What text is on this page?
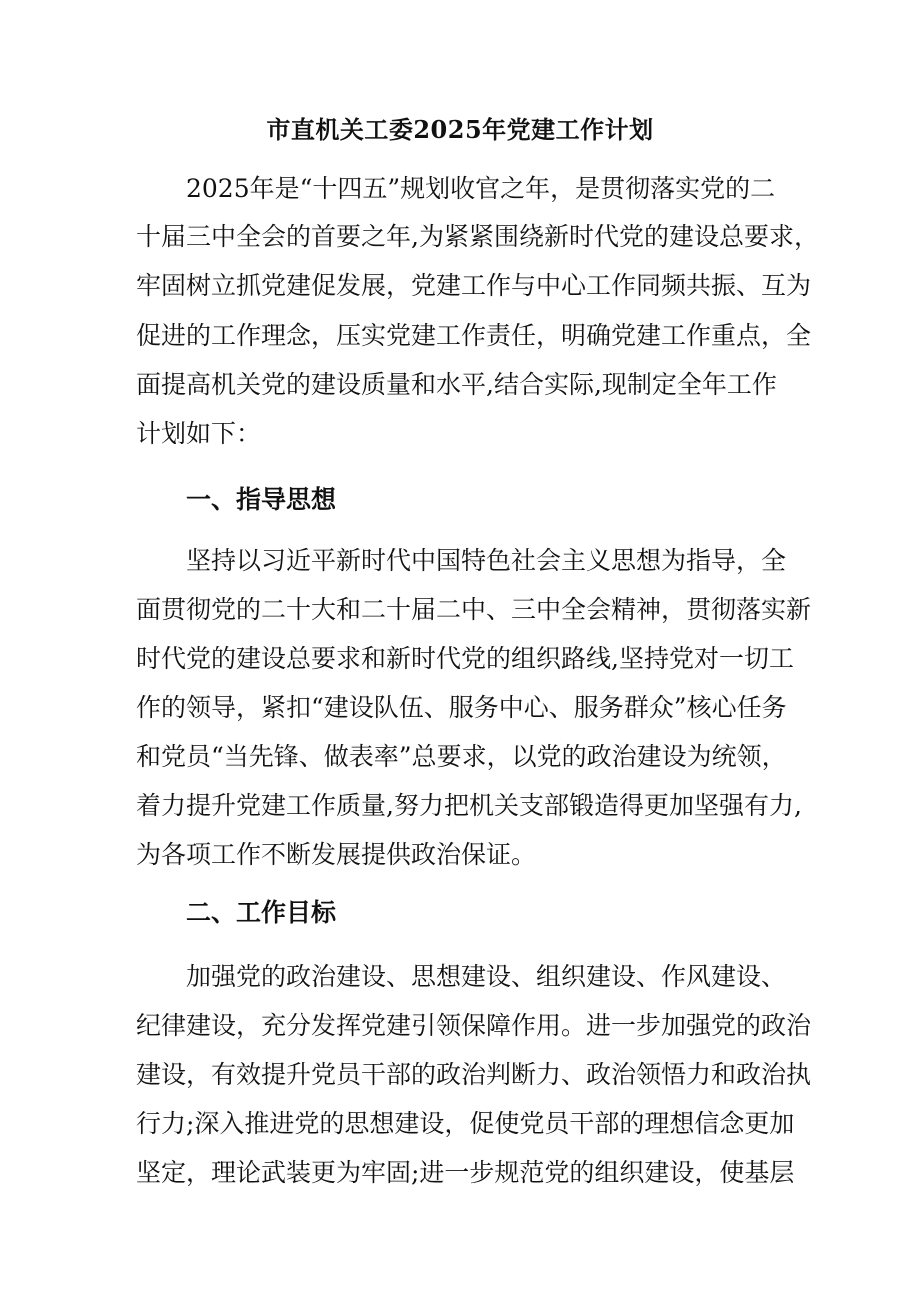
市直机关工委2025年党建工作计划
2025年是“十四五”规划收官之年，是贯彻落实党的二
十届三中全会的首要之年,为紧紧围绕新时代党的建设总要求，
牢固树立抓党建促发展，党建工作与中心工作同频共振、互为
促进的工作理念，压实党建工作责任，明确党建工作重点，全
面提高机关党的建设质量和水平,结合实际,现制定全年工作
计划如下：
一、指导思想
坚持以习近平新时代中国特色社会主义思想为指导，全
面贯彻党的二十大和二十届二中、三中全会精神，贯彻落实新
时代党的建设总要求和新时代党的组织路线,坚持党对一切工
作的领导，紧扣“建设队伍、服务中心、服务群众”核心任务
和党员“当先锋、做表率”总要求，以党的政治建设为统领，
着力提升党建工作质量,努力把机关支部锻造得更加坚强有力,
为各项工作不断发展提供政治保证。
二、工作目标
加强党的政治建设、思想建设、组织建设、作风建设、
纪律建设，充分发挥党建引领保障作用。进一步加强党的政治
建设，有效提升党员干部的政治判断力、政治领悟力和政治执
行力;深入推进党的思想建设，促使党员干部的理想信念更加
坚定，理论武装更为牢固;进一步规范党的组织建设，使基层
